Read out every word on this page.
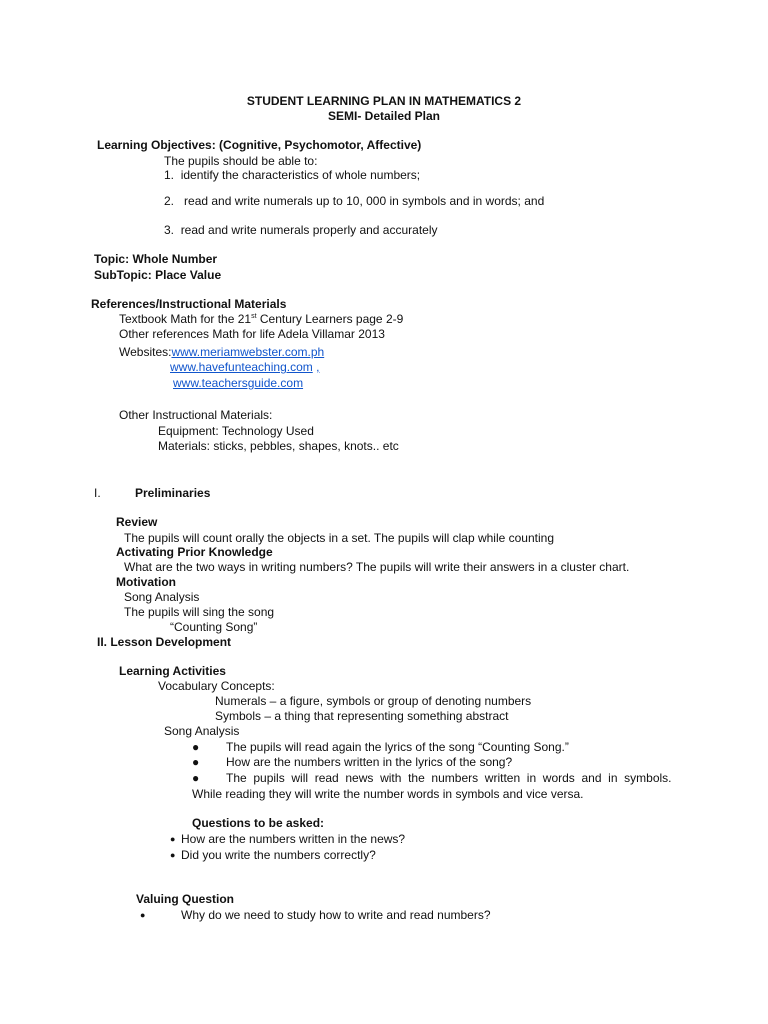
STUDENT LEARNING PLAN IN MATHEMATICS 2
SEMI- Detailed Plan
Learning Objectives: (Cognitive, Psychomotor, Affective)
The pupils should be able to:
1. identify the characteristics of whole numbers;
2. read and write numerals up to 10, 000 in symbols and in words; and
3. read and write numerals properly and accurately
Topic: Whole Number
SubTopic: Place Value
References/Instructional Materials
Textbook Math for the 21st Century Learners page 2-9
Other references Math for life Adela Villamar 2013
Websites:www.meriamwebster.com.ph
www.havefunteaching.com ,
www.teachersguide.com
Other Instructional Materials:
Equipment: Technology Used
Materials: sticks, pebbles, shapes, knots.. etc
I.	Preliminaries
Review
The pupils will count orally the objects in a set. The pupils will clap while counting
Activating Prior Knowledge
What are the two ways in writing numbers? The pupils will write their answers in a cluster chart.
Motivation
Song Analysis
The pupils will sing the song
“Counting Song”
II. Lesson Development
Learning Activities
Vocabulary Concepts:
Numerals – a figure, symbols or group of denoting numbers
Symbols – a thing that representing something abstract
Song Analysis
● The pupils will read again the lyrics of the song “Counting Song.”
● How are the numbers written in the lyrics of the song?
● The  pupils  will  read  news  with  the  numbers  written  in  words  and  in  symbols.
While reading they will write the number words in symbols and vice versa.
Questions to be asked:
● How are the numbers written in the news?
● Did you write the numbers correctly?
Valuing Question
●	Why do we need to study how to write and read numbers?
